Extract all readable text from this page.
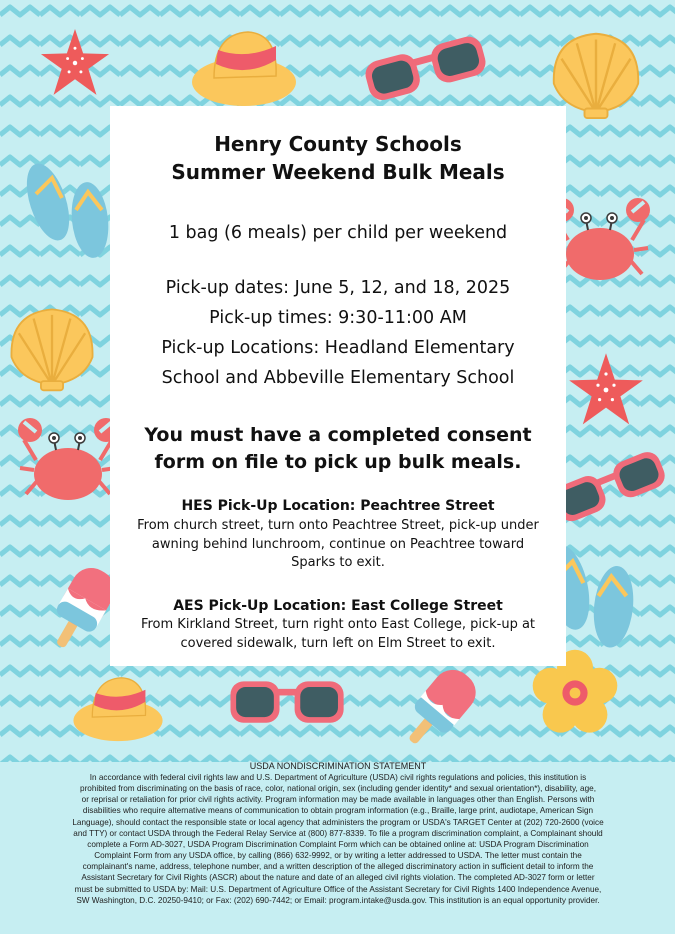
Henry County Schools
Summer Weekend Bulk Meals
1 bag (6 meals) per child per weekend
Pick-up dates: June 5, 12, and 18, 2025
Pick-up times: 9:30-11:00 AM
Pick-up Locations: Headland Elementary
School and Abbeville Elementary School
You must have a completed consent
form on file to pick up bulk meals.
HES Pick-Up Location: Peachtree Street
From church street, turn onto Peachtree Street, pick-up under
awning behind lunchroom, continue on Peachtree toward
Sparks to exit.
AES Pick-Up Location: East College Street
From Kirkland Street, turn right onto East College, pick-up at
covered sidewalk, turn left on Elm Street to exit.
USDA NONDISCRIMINATION STATEMENT
In accordance with federal civil rights law and U.S. Department of Agriculture (USDA) civil rights regulations and policies, this institution is
prohibited from discriminating on the basis of race, color, national origin, sex (including gender identity* and sexual orientation*), disability, age,
or reprisal or retaliation for prior civil rights activity. Program information may be made available in languages other than English. Persons with
disabilities who require alternative means of communication to obtain program information (e.g., Braille, large print, audiotape, American Sign
Language), should contact the responsible state or local agency that administers the program or USDA's TARGET Center at (202) 720-2600 (voice
and TTY) or contact USDA through the Federal Relay Service at (800) 877-8339. To file a program discrimination complaint, a Complainant should
complete a Form AD-3027, USDA Program Discrimination Complaint Form which can be obtained online at: USDA Program Discrimination
Complaint Form from any USDA office, by calling (866) 632-9992, or by writing a letter addressed to USDA. The letter must contain the
complainant's name, address, telephone number, and a written description of the alleged discriminatory action in sufficient detail to inform the
Assistant Secretary for Civil Rights (ASCR) about the nature and date of an alleged civil rights violation. The completed AD-3027 form or letter
must be submitted to USDA by: Mail: U.S. Department of Agriculture Office of the Assistant Secretary for Civil Rights 1400 Independence Avenue,
SW Washington, D.C. 20250-9410; or Fax: (202) 690-7442; or Email: program.intake@usda.gov. This institution is an equal opportunity provider.
